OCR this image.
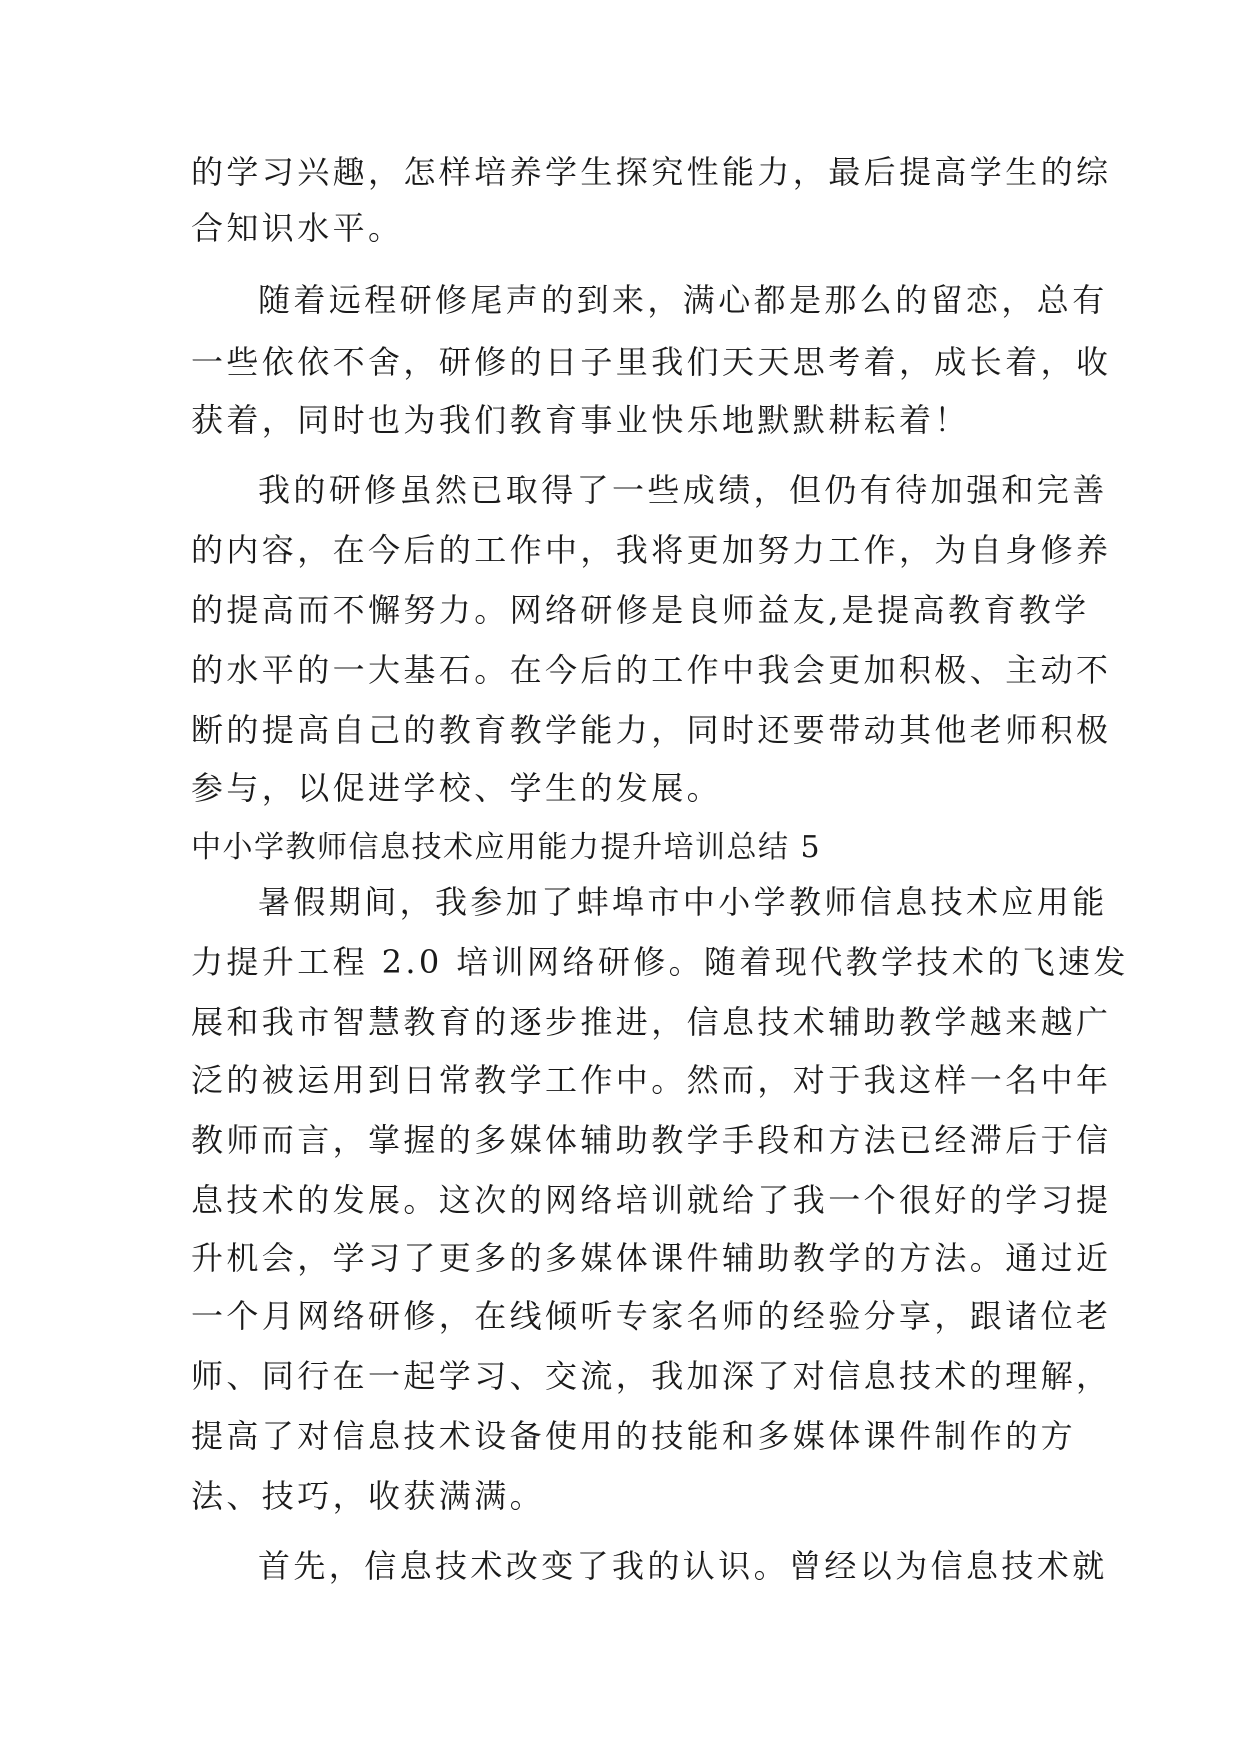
的学习兴趣，怎样培养学生探究性能力，最后提高学生的综
合知识水平。
随着远程研修尾声的到来，满心都是那么的留恋，总有
一些依依不舍，研修的日子里我们天天思考着，成长着，收
获着，同时也为我们教育事业快乐地默默耕耘着！
我的研修虽然已取得了一些成绩，但仍有待加强和完善
的内容，在今后的工作中，我将更加努力工作，为自身修养
的提高而不懈努力。网络研修是良师益友,是提高教育教学
的水平的一大基石。在今后的工作中我会更加积极、主动不
断的提高自己的教育教学能力，同时还要带动其他老师积极
参与，以促进学校、学生的发展。
中小学教师信息技术应用能力提升培训总结 5
暑假期间，我参加了蚌埠市中小学教师信息技术应用能
力提升工程 2.0 培训网络研修。随着现代教学技术的飞速发
展和我市智慧教育的逐步推进，信息技术辅助教学越来越广
泛的被运用到日常教学工作中。然而，对于我这样一名中年
教师而言，掌握的多媒体辅助教学手段和方法已经滞后于信
息技术的发展。这次的网络培训就给了我一个很好的学习提
升机会，学习了更多的多媒体课件辅助教学的方法。通过近
一个月网络研修，在线倾听专家名师的经验分享，跟诸位老
师、同行在一起学习、交流，我加深了对信息技术的理解，
提高了对信息技术设备使用的技能和多媒体课件制作的方
法、技巧，收获满满。
首先，信息技术改变了我的认识。曾经以为信息技术就
